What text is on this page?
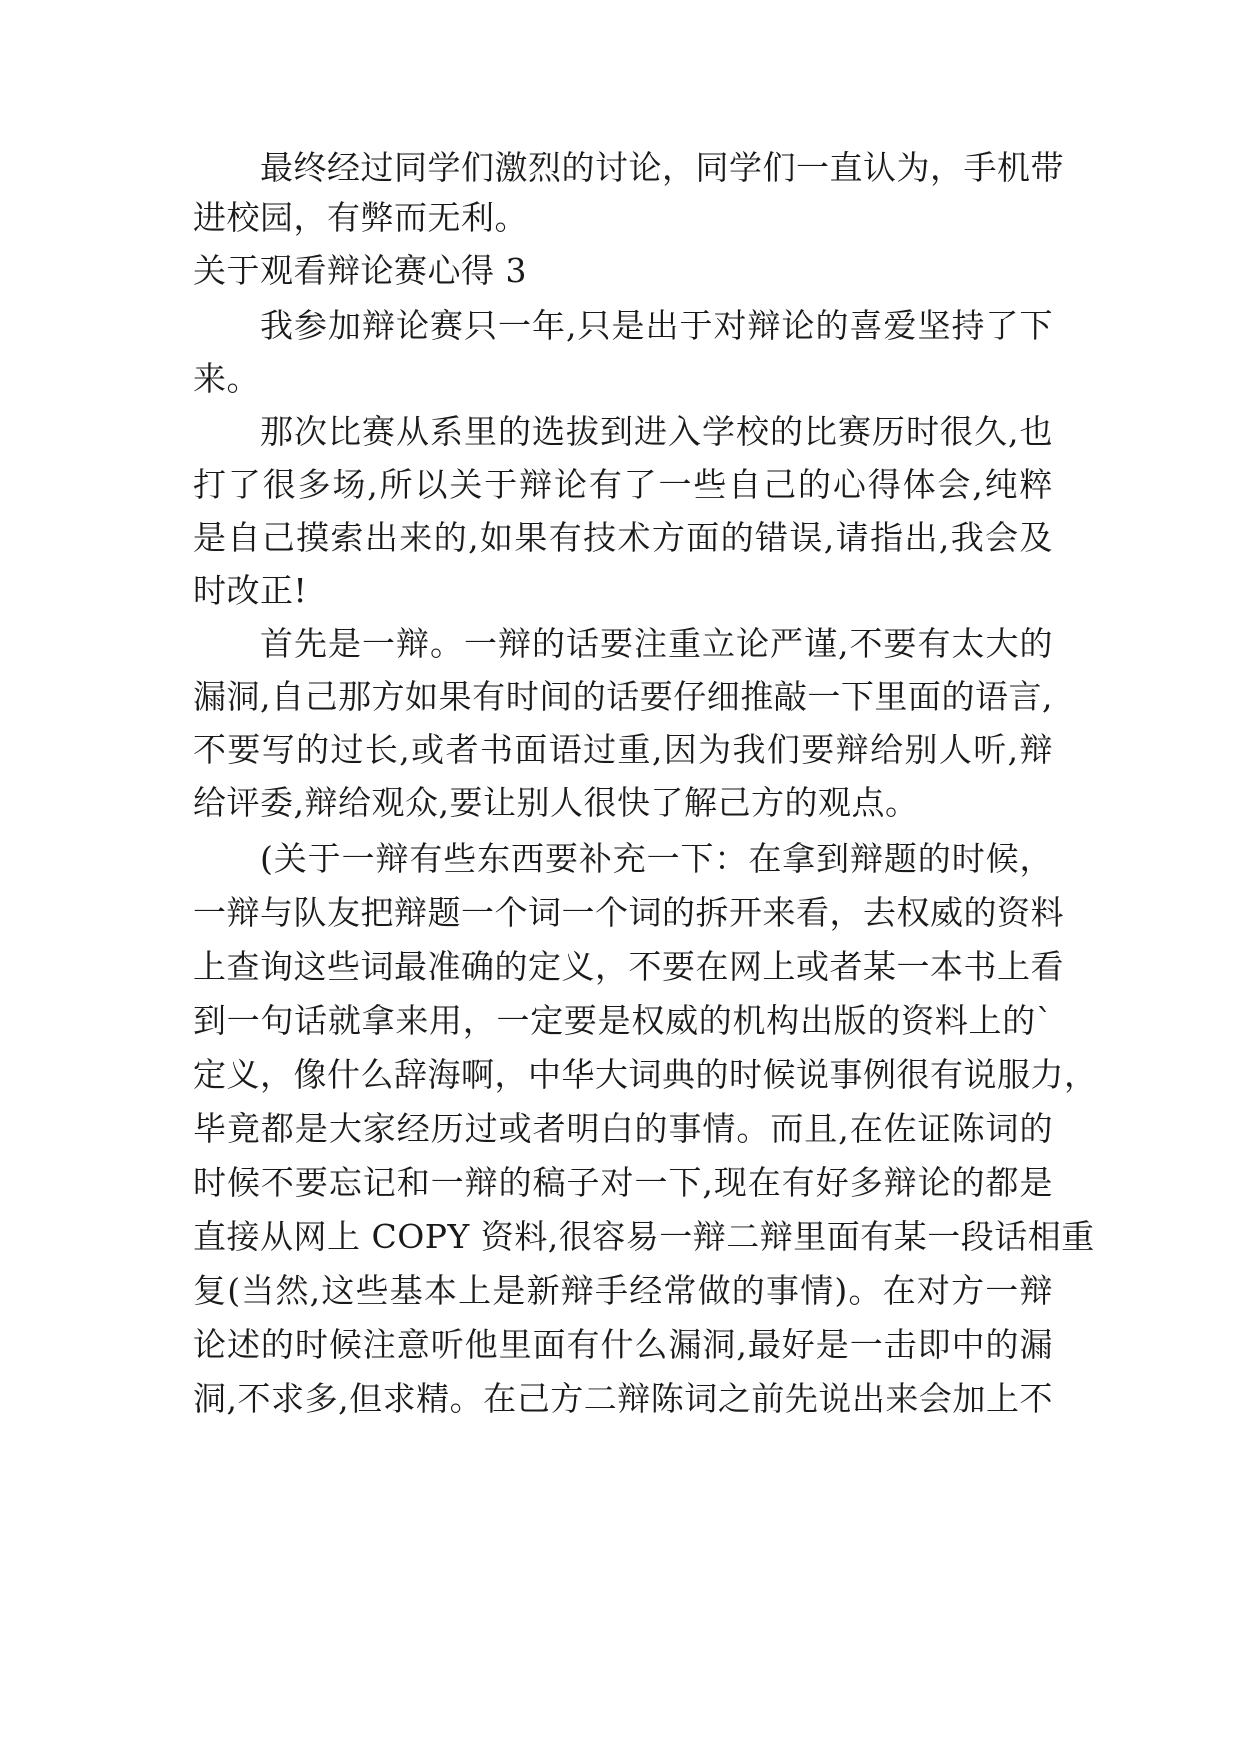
最终经过同学们激烈的讨论，同学们一直认为，手机带
进校园，有弊而无利。
关于观看辩论赛心得 3
我参加辩论赛只一年,只是出于对辩论的喜爱坚持了下
来。
那次比赛从系里的选拔到进入学校的比赛历时很久,也
打了很多场,所以关于辩论有了一些自己的心得体会,纯粹
是自己摸索出来的,如果有技术方面的错误,请指出,我会及
时改正!
首先是一辩。一辩的话要注重立论严谨,不要有太大的
漏洞,自己那方如果有时间的话要仔细推敲一下里面的语言,
不要写的过长,或者书面语过重,因为我们要辩给别人听,辩
给评委,辩给观众,要让别人很快了解己方的观点。
(关于一辩有些东西要补充一下：在拿到辩题的时候，
一辩与队友把辩题一个词一个词的拆开来看，去权威的资料
上查询这些词最准确的定义，不要在网上或者某一本书上看
到一句话就拿来用，一定要是权威的机构出版的资料上的`
定义，像什么辞海啊，中华大词典的时候说事例很有说服力，
毕竟都是大家经历过或者明白的事情。而且,在佐证陈词的
时候不要忘记和一辩的稿子对一下,现在有好多辩论的都是
直接从网上 COPY 资料,很容易一辩二辩里面有某一段话相重
复(当然,这些基本上是新辩手经常做的事情)。在对方一辩
论述的时候注意听他里面有什么漏洞,最好是一击即中的漏
洞,不求多,但求精。在己方二辩陈词之前先说出来会加上不
